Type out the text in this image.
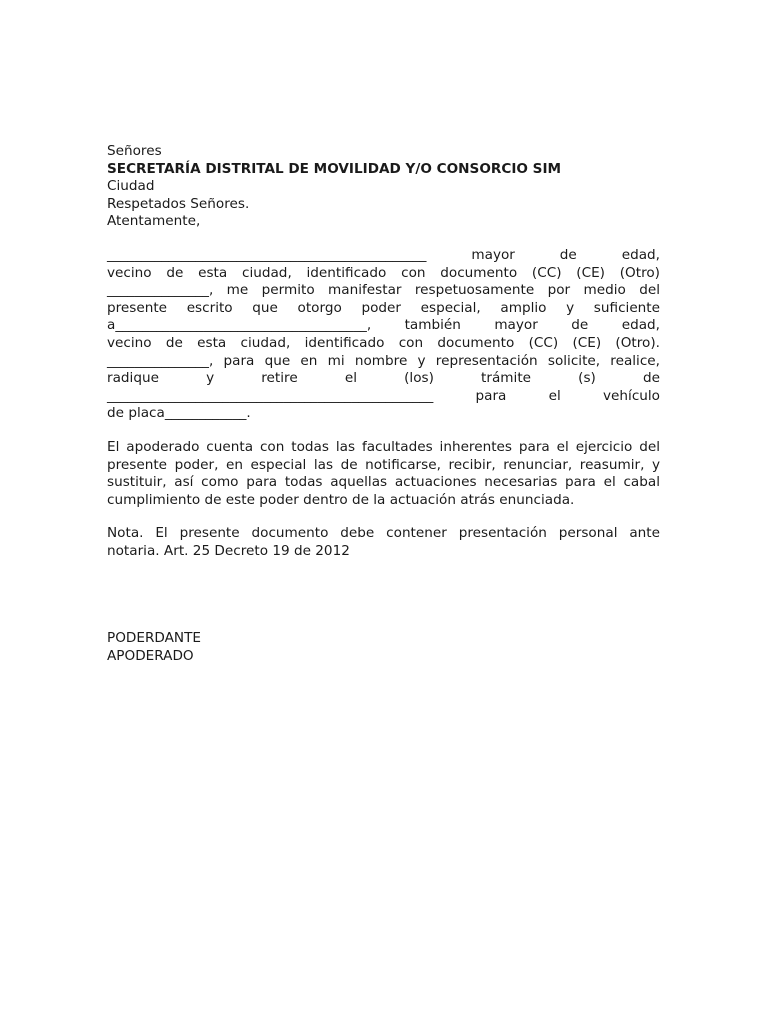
Señores
SECRETARÍA DISTRITAL DE MOVILIDAD Y/O CONSORCIO SIM
Ciudad
Respetados Señores.
Atentamente,
_______________________________________________ mayor de edad,
vecino de esta ciudad, identificado con documento (CC) (CE) (Otro)
_______________, me permito manifestar respetuosamente por medio del
presente escrito que otorgo poder especial, amplio y suficiente
a_____________________________________, también mayor de edad,
vecino de esta ciudad, identificado con documento (CC) (CE) (Otro).
_______________, para que en mi nombre y representación solicite, realice,
radique y retire el (los) trámite (s) de
________________________________________________ para el vehículo
de placa____________.
El apoderado cuenta con todas las facultades inherentes para el ejercicio del
presente poder, en especial las de notificarse, recibir, renunciar, reasumir, y
sustituir, así como para todas aquellas actuaciones necesarias para el cabal
cumplimiento de este poder dentro de la actuación atrás enunciada.
Nota. El presente documento debe contener presentación personal ante
notaria. Art. 25 Decreto 19 de 2012
PODERDANTE
APODERADO
